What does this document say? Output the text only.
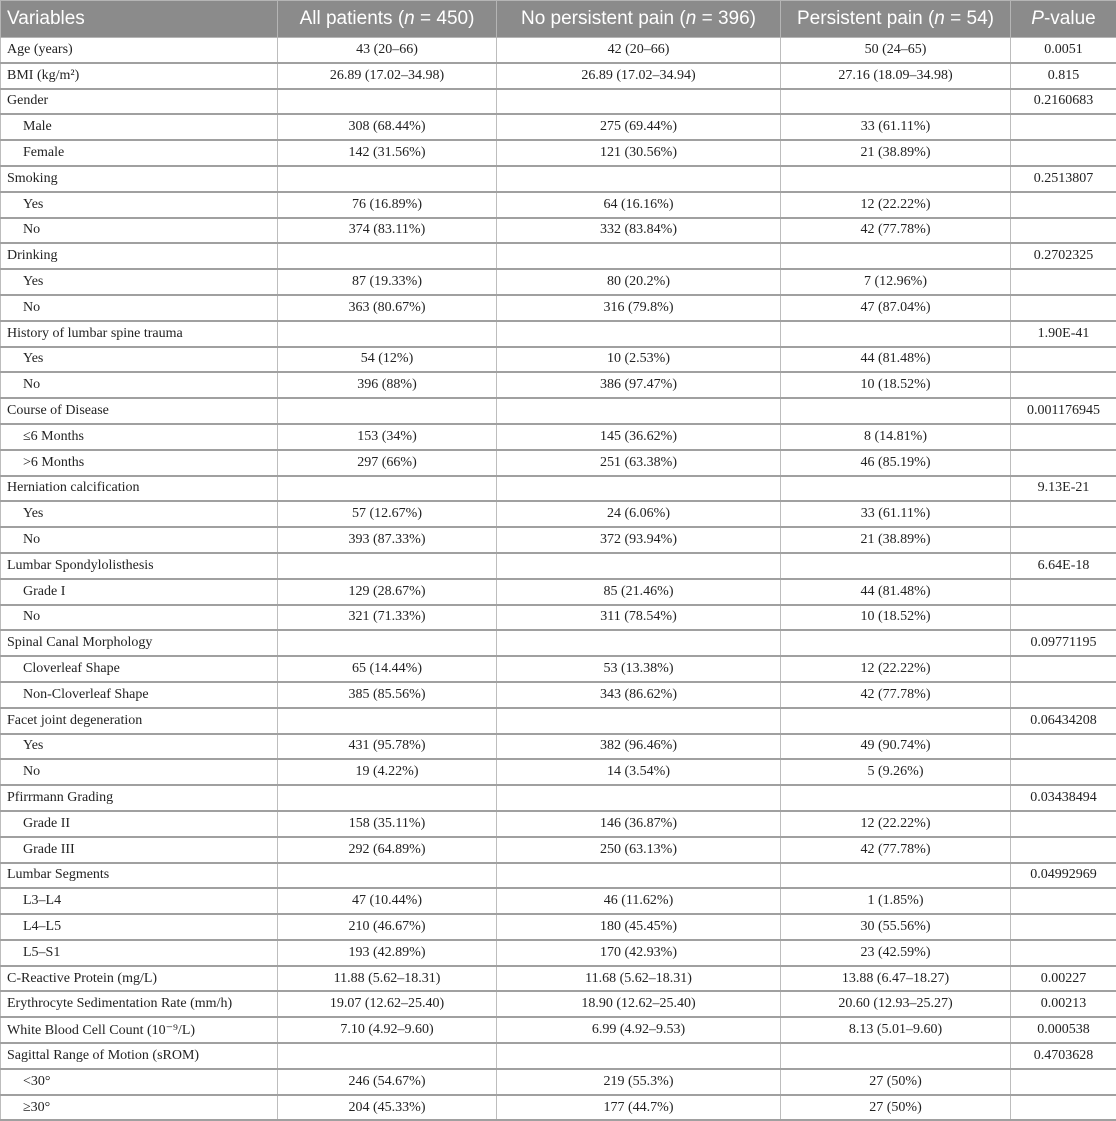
Variables	All patients (n = 450)	No persistent pain (n = 396)	Persistent pain (n = 54)	P-value
Age (years)	43 (20–66)	42 (20–66)	50 (24–65)	0.0051
BMI (kg/m²)	26.89 (17.02–34.98)	26.89 (17.02–34.94)	27.16 (18.09–34.98)	0.815
Gender				0.2160683
Male	308 (68.44%)	275 (69.44%)	33 (61.11%)	
Female	142 (31.56%)	121 (30.56%)	21 (38.89%)	
Smoking				0.2513807
Yes	76 (16.89%)	64 (16.16%)	12 (22.22%)	
No	374 (83.11%)	332 (83.84%)	42 (77.78%)	
Drinking				0.2702325
Yes	87 (19.33%)	80 (20.2%)	7 (12.96%)	
No	363 (80.67%)	316 (79.8%)	47 (87.04%)	
History of lumbar spine trauma				1.90E-41
Yes	54 (12%)	10 (2.53%)	44 (81.48%)	
No	396 (88%)	386 (97.47%)	10 (18.52%)	
Course of Disease				0.001176945
≤6 Months	153 (34%)	145 (36.62%)	8 (14.81%)	
>6 Months	297 (66%)	251 (63.38%)	46 (85.19%)	
Herniation calcification				9.13E-21
Yes	57 (12.67%)	24 (6.06%)	33 (61.11%)	
No	393 (87.33%)	372 (93.94%)	21 (38.89%)	
Lumbar Spondylolisthesis				6.64E-18
Grade I	129 (28.67%)	85 (21.46%)	44 (81.48%)	
No	321 (71.33%)	311 (78.54%)	10 (18.52%)	
Spinal Canal Morphology				0.09771195
Cloverleaf Shape	65 (14.44%)	53 (13.38%)	12 (22.22%)	
Non-Cloverleaf Shape	385 (85.56%)	343 (86.62%)	42 (77.78%)	
Facet joint degeneration				0.06434208
Yes	431 (95.78%)	382 (96.46%)	49 (90.74%)	
No	19 (4.22%)	14 (3.54%)	5 (9.26%)	
Pfirrmann Grading				0.03438494
Grade II	158 (35.11%)	146 (36.87%)	12 (22.22%)	
Grade III	292 (64.89%)	250 (63.13%)	42 (77.78%)	
Lumbar Segments				0.04992969
L3–L4	47 (10.44%)	46 (11.62%)	1 (1.85%)	
L4–L5	210 (46.67%)	180 (45.45%)	30 (55.56%)	
L5–S1	193 (42.89%)	170 (42.93%)	23 (42.59%)	
C-Reactive Protein (mg/L)	11.88 (5.62–18.31)	11.68 (5.62–18.31)	13.88 (6.47–18.27)	0.00227
Erythrocyte Sedimentation Rate (mm/h)	19.07 (12.62–25.40)	18.90 (12.62–25.40)	20.60 (12.93–25.27)	0.00213
White Blood Cell Count (10⁻⁹/L)	7.10 (4.92–9.60)	6.99 (4.92–9.53)	8.13 (5.01–9.60)	0.000538
Sagittal Range of Motion (sROM)				0.4703628
<30°	246 (54.67%)	219 (55.3%)	27 (50%)	
≥30°	204 (45.33%)	177 (44.7%)	27 (50%)	
